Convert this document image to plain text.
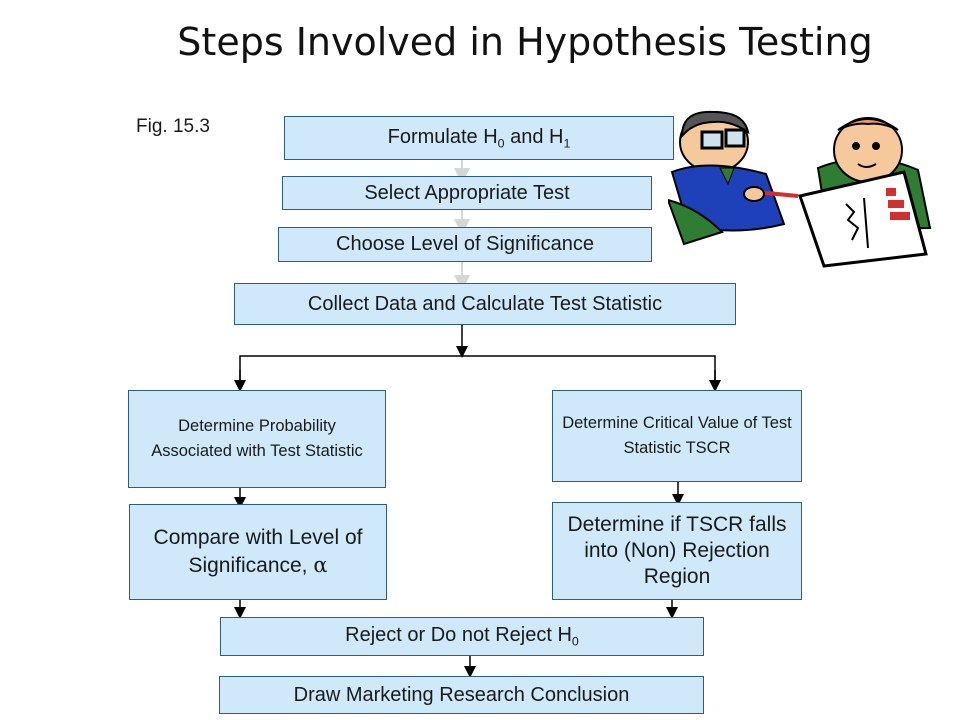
Steps Involved in Hypothesis Testing
Fig. 15.3	Formulate $H_0$ and $H_1$
Select Appropriate Test
Choose Level of Significance
Collect Data and Calculate Test Statistic
Determine Probability Associated with Test Statistic
Determine Critical Value of Test Statistic TSCR
Compare with Level of Significance, α
Determine if TSCR falls into (Non) Rejection Region
Reject or Do not Reject $H_0$
Draw Marketing Research Conclusion
